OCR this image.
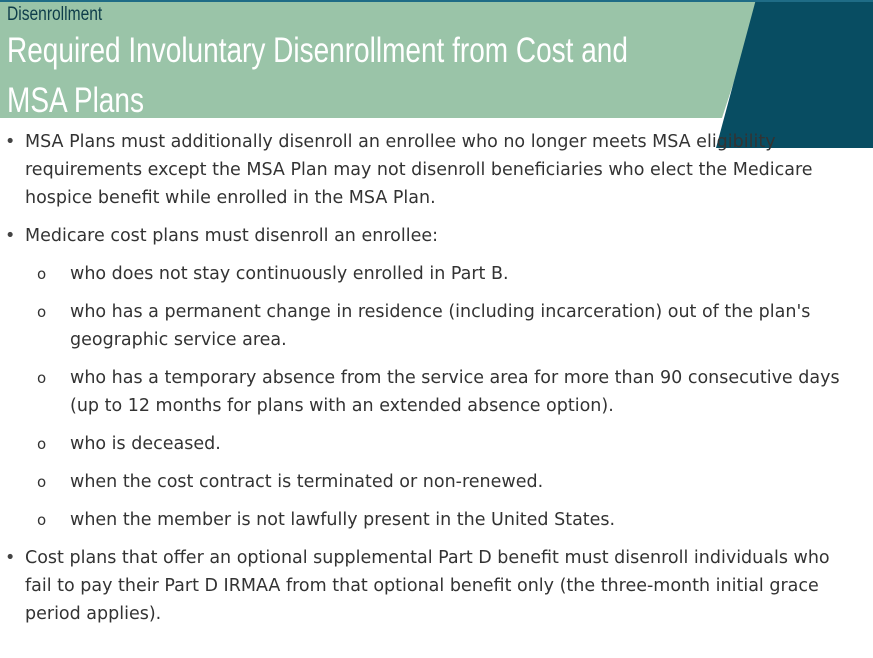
Disenrollment

Required Involuntary Disenrollment from Cost and MSA Plans
• MSA Plans must additionally disenroll an enrollee who no longer meets MSA eligibility requirements except the MSA Plan may not disenroll beneficiaries who elect the Medicare hospice benefit while enrolled in the MSA Plan.
• Medicare cost plans must disenroll an enrollee:
o who does not stay continuously enrolled in Part B.
o who has a permanent change in residence (including incarceration) out of the plan's geographic service area.
o who has a temporary absence from the service area for more than 90 consecutive days (up to 12 months for plans with an extended absence option).
o who is deceased.
o when the cost contract is terminated or non-renewed.
o when the member is not lawfully present in the United States.
• Cost plans that offer an optional supplemental Part D benefit must disenroll individuals who fail to pay their Part D IRMAA from that optional benefit only (the three-month initial grace period applies).
